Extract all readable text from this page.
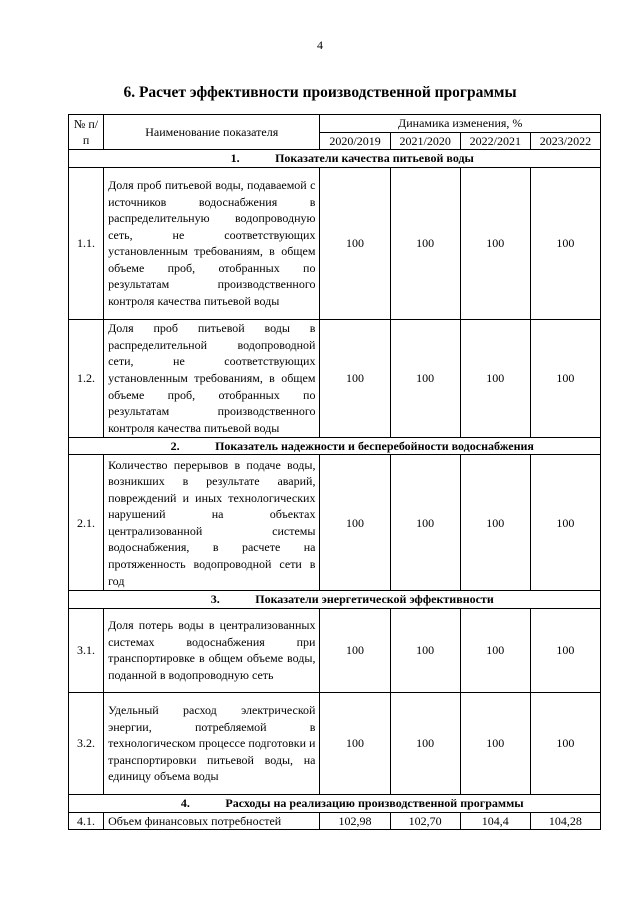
4
6. Расчет эффективности производственной программы
№ п/п	Наименование показателя	Динамика изменения, %			
		2020/2019	2021/2020	2022/2021	2023/2022
1. Показатели качества питьевой воды					
1.1.	Доля проб питьевой воды, подаваемой с источников водоснабжения в распределительную водопроводную сеть, не соответствующих установленным требованиям, в общем объеме проб, отобранных по результатам производственного контроля качества питьевой воды	100	100	100	100
1.2.	Доля проб питьевой воды в распределительной водопроводной сети, не соответствующих установленным требованиям, в общем объеме проб, отобранных по результатам производственного контроля качества питьевой воды	100	100	100	100
2. Показатель надежности и бесперебойности водоснабжения					
2.1.	Количество перерывов в подаче воды, возникших в результате аварий, повреждений и иных технологических нарушений на объектах централизованной системы водоснабжения, в расчете на протяженность водопроводной сети в год	100	100	100	100
3. Показатели энергетической эффективности					
3.1.	Доля потерь воды в централизованных системах водоснабжения при транспортировке в общем объеме воды, поданной в водопроводную сеть	100	100	100	100
3.2.	Удельный расход электрической энергии, потребляемой в технологическом процессе подготовки и транспортировки питьевой воды, на единицу объема воды	100	100	100	100
4. Расходы на реализацию производственной программы					
4.1.	Объем финансовых потребностей	102,98	102,70	104,4	104,28
